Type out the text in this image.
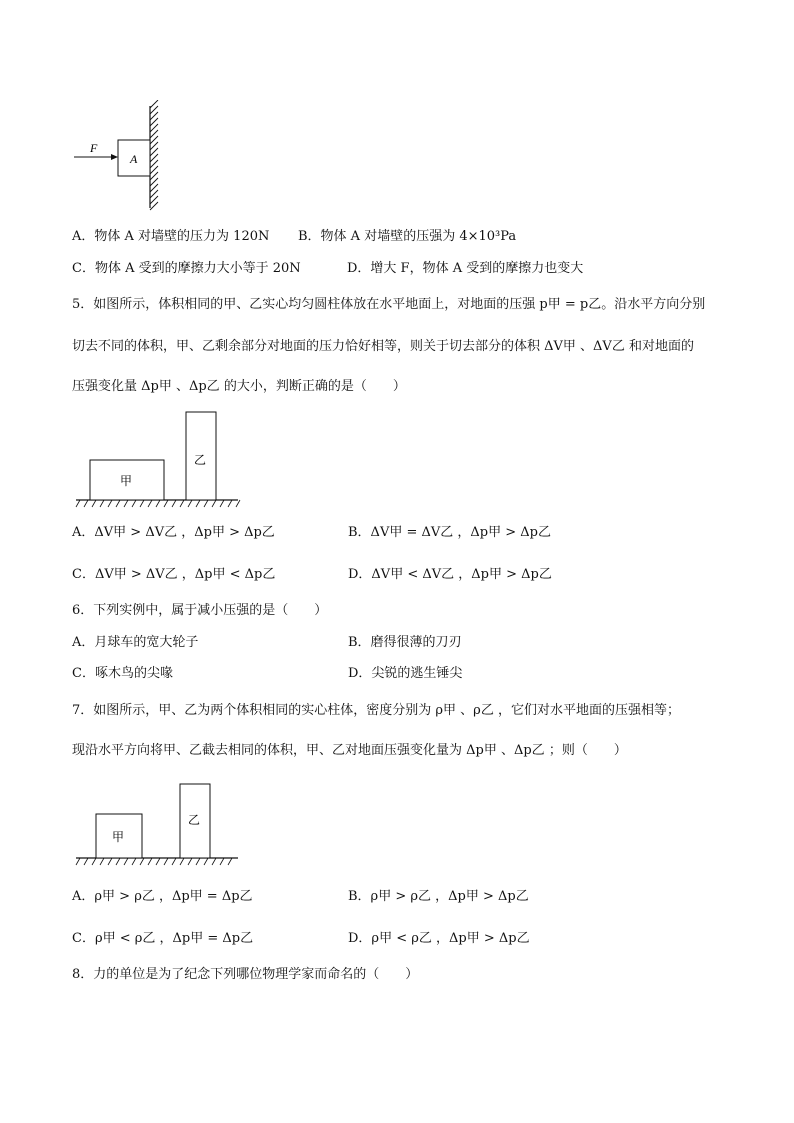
A
F
A．物体 A 对墙壁的压力为 120N B．物体 A 对墙壁的压强为 4×10³Pa
C．物体 A 受到的摩擦力大小等于 20N	D．增大 F，物体 A 受到的摩擦力也变大
5．如图所示，体积相同的甲、乙实心均匀圆柱体放在水平地面上，对地面的压强 p甲 = p乙。沿水平方向分别
切去不同的体积，甲、乙剩余部分对地面的压力恰好相等，则关于切去部分的体积 ΔV甲 、ΔV乙 和对地面的
压强变化量 Δp甲 、Δp乙 的大小，判断正确的是（　　）
甲
乙
A．ΔV甲 > ΔV乙 ，Δp甲 > Δp乙	B．ΔV甲 = ΔV乙 ，Δp甲 > Δp乙
C．ΔV甲 > ΔV乙 ，Δp甲 < Δp乙	D．ΔV甲 < ΔV乙 ，Δp甲 > Δp乙
6．下列实例中，属于减小压强的是（　　）
A．月球车的宽大轮子	B．磨得很薄的刀刃
C．啄木鸟的尖喙	D．尖锐的逃生锤尖
7．如图所示，甲、乙为两个体积相同的实心柱体，密度分别为 ρ甲 、ρ乙 ，它们对水平地面的压强相等；
现沿水平方向将甲、乙截去相同的体积，甲、乙对地面压强变化量为 Δp甲 、Δp乙 ；则（　　）
甲
乙
A．ρ甲 > ρ乙 ，Δp甲 = Δp乙	B．ρ甲 > ρ乙 ，Δp甲 > Δp乙
C．ρ甲 < ρ乙 ，Δp甲 = Δp乙	D．ρ甲 < ρ乙 ，Δp甲 > Δp乙
8．力的单位是为了纪念下列哪位物理学家而命名的（　　）
